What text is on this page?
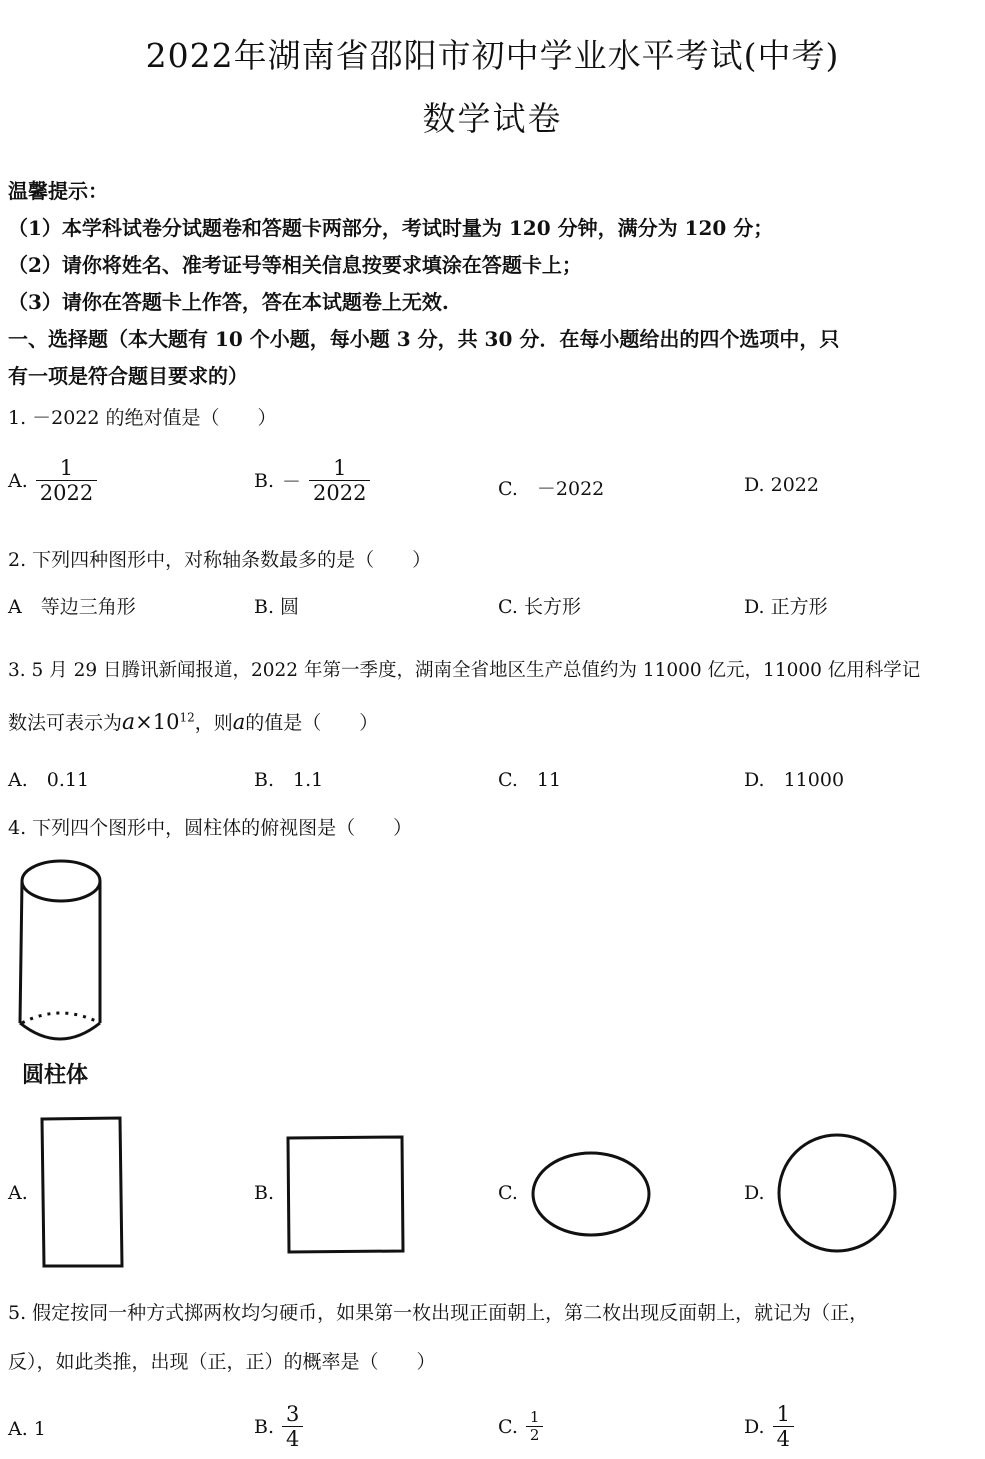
2022年湖南省邵阳市初中学业水平考试(中考)
数学试卷
温馨提示：
（1）本学科试卷分试题卷和答题卡两部分，考试时量为 120 分钟，满分为 120 分；
（2）请你将姓名、准考证号等相关信息按要求填涂在答题卡上；
（3）请你在答题卡上作答，答在本试题卷上无效.
一、选择题（本大题有 10 个小题，每小题 3 分，共 30 分．在每小题给出的四个选项中，只
有一项是符合题目要求的）
1. －2022 的绝对值是（　　）
A. $\frac{1}{2022}$	B. － $\frac{1}{2022}$	C.　－2022	D. 2022
2. 下列四种图形中，对称轴条数最多的是（　　）
A　等边三角形	B. 圆	C. 长方形	D. 正方形
3. 5 月 29 日腾讯新闻报道，2022 年第一季度，湖南全省地区生产总值约为 11000 亿元，11000 亿用科学记
数法可表示为$a\times 10^{12}$，则a的值是（　　）
A.　0.11	B.　1.1	C.　11	D.　11000
4. 下列四个图形中，圆柱体的俯视图是（　　）
圆柱体
A.	B.	C.	D.
5. 假定按同一种方式掷两枚均匀硬币，如果第一枚出现正面朝上，第二枚出现反面朝上，就记为（正，
反），如此类推，出现（正，正）的概率是（　　）
A. 1	B. $\frac{3}{4}$	C. $\frac{1}{2}$	D. $\frac{1}{4}$
